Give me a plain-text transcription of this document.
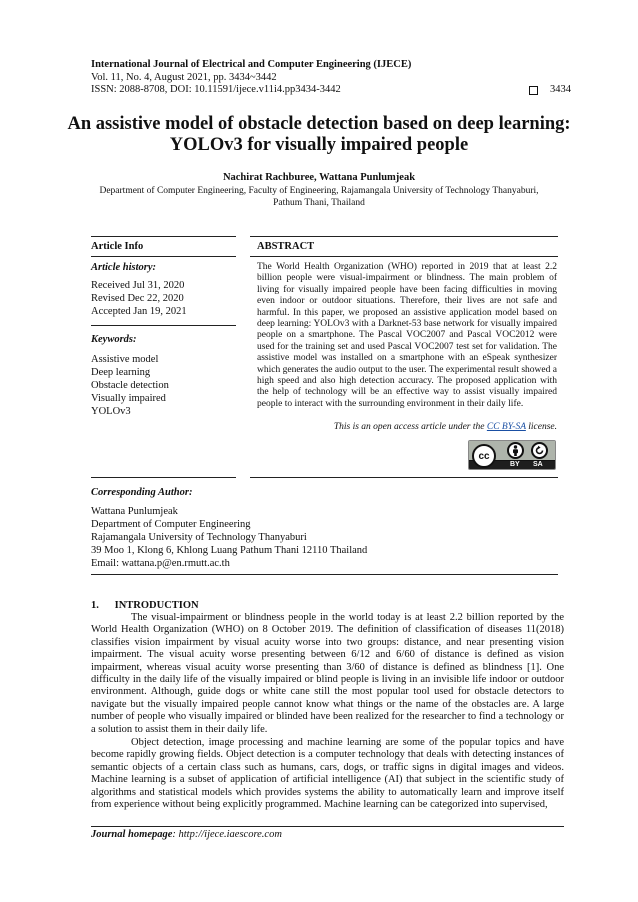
International Journal of Electrical and Computer Engineering (IJECE)
Vol. 11, No. 4, August 2021, pp. 3434~3442
ISSN: 2088-8708, DOI: 10.11591/ijece.v11i4.pp3434-3442	3434
An assistive model of obstacle detection based on deep learning:
YOLOv3 for visually impaired people
Nachirat Rachburee, Wattana Punlumjeak
Department of Computer Engineering, Faculty of Engineering, Rajamangala University of Technology Thanyaburi,
Pathum Thani, Thailand
Article Info	ABSTRACT
Article history:
Received Jul 31, 2020
Revised Dec 22, 2020
Accepted Jan 19, 2021
Keywords:
Assistive model
Deep learning
Obstacle detection
Visually impaired
YOLOv3
The World Health Organization (WHO) reported in 2019 that at least 2.2 billion people were visual-impairment or blindness. The main problem of living for visually impaired people have been facing difficulties in moving even indoor or outdoor situations. Therefore, their lives are not safe and harmful. In this paper, we proposed an assistive application model based on deep learning: YOLOv3 with a Darknet-53 base network for visually impaired people on a smartphone. The Pascal VOC2007 and Pascal VOC2012 were used for the training set and used Pascal VOC2007 test set for validation. The assistive model was installed on a smartphone with an eSpeak synthesizer which generates the audio output to the user. The experimental result showed a high speed and also high detection accuracy. The proposed application with the help of technology will be an effective way to assist visually impaired people to interact with the surrounding environment in their daily life.
This is an open access article under the CC BY-SA license.
cc
BY SA
Corresponding Author:
Wattana Punlumjeak
Department of Computer Engineering
Rajamangala University of Technology Thanyaburi
39 Moo 1, Klong 6, Khlong Luang Pathum Thani 12110 Thailand
Email: wattana.p@en.rmutt.ac.th
1.      INTRODUCTION
The visual-impairment or blindness people in the world today is at least 2.2 billion reported by the World Health Organization (WHO) on 8 October 2019. The definition of classification of diseases 11(2018) classifies vision impairment by visual acuity worse into two groups: distance, and near presenting vision impairment. The visual acuity worse presenting between 6/12 and 6/60 of distance is defined as vision impairment, whereas visual acuity worse presenting than 3/60 of distance is defined as blindness [1]. One difficulty in the daily life of the visually impaired or blind people is living in an invisible life indoor or outdoor environment. Although, guide dogs or white cane still the most popular tool used for obstacle detectors to navigate but the visually impaired people cannot know what things or the name of the obstacles are. A large number of people who visually impaired or blinded have been realized for the researcher to find a technology or a solution to assist them in their daily life.
Object detection, image processing and machine learning are some of the popular topics and have become rapidly growing fields. Object detection is a computer technology that deals with detecting instances of semantic objects of a certain class such as humans, cars, dogs, or traffic signs in digital images and videos. Machine learning is a subset of application of artificial intelligence (AI) that subject in the scientific study of algorithms and statistical models which provides systems the ability to automatically learn and improve itself from experience without being explicitly programmed. Machine learning can be categorized into supervised,
Journal homepage: http://ijece.iaescore.com
